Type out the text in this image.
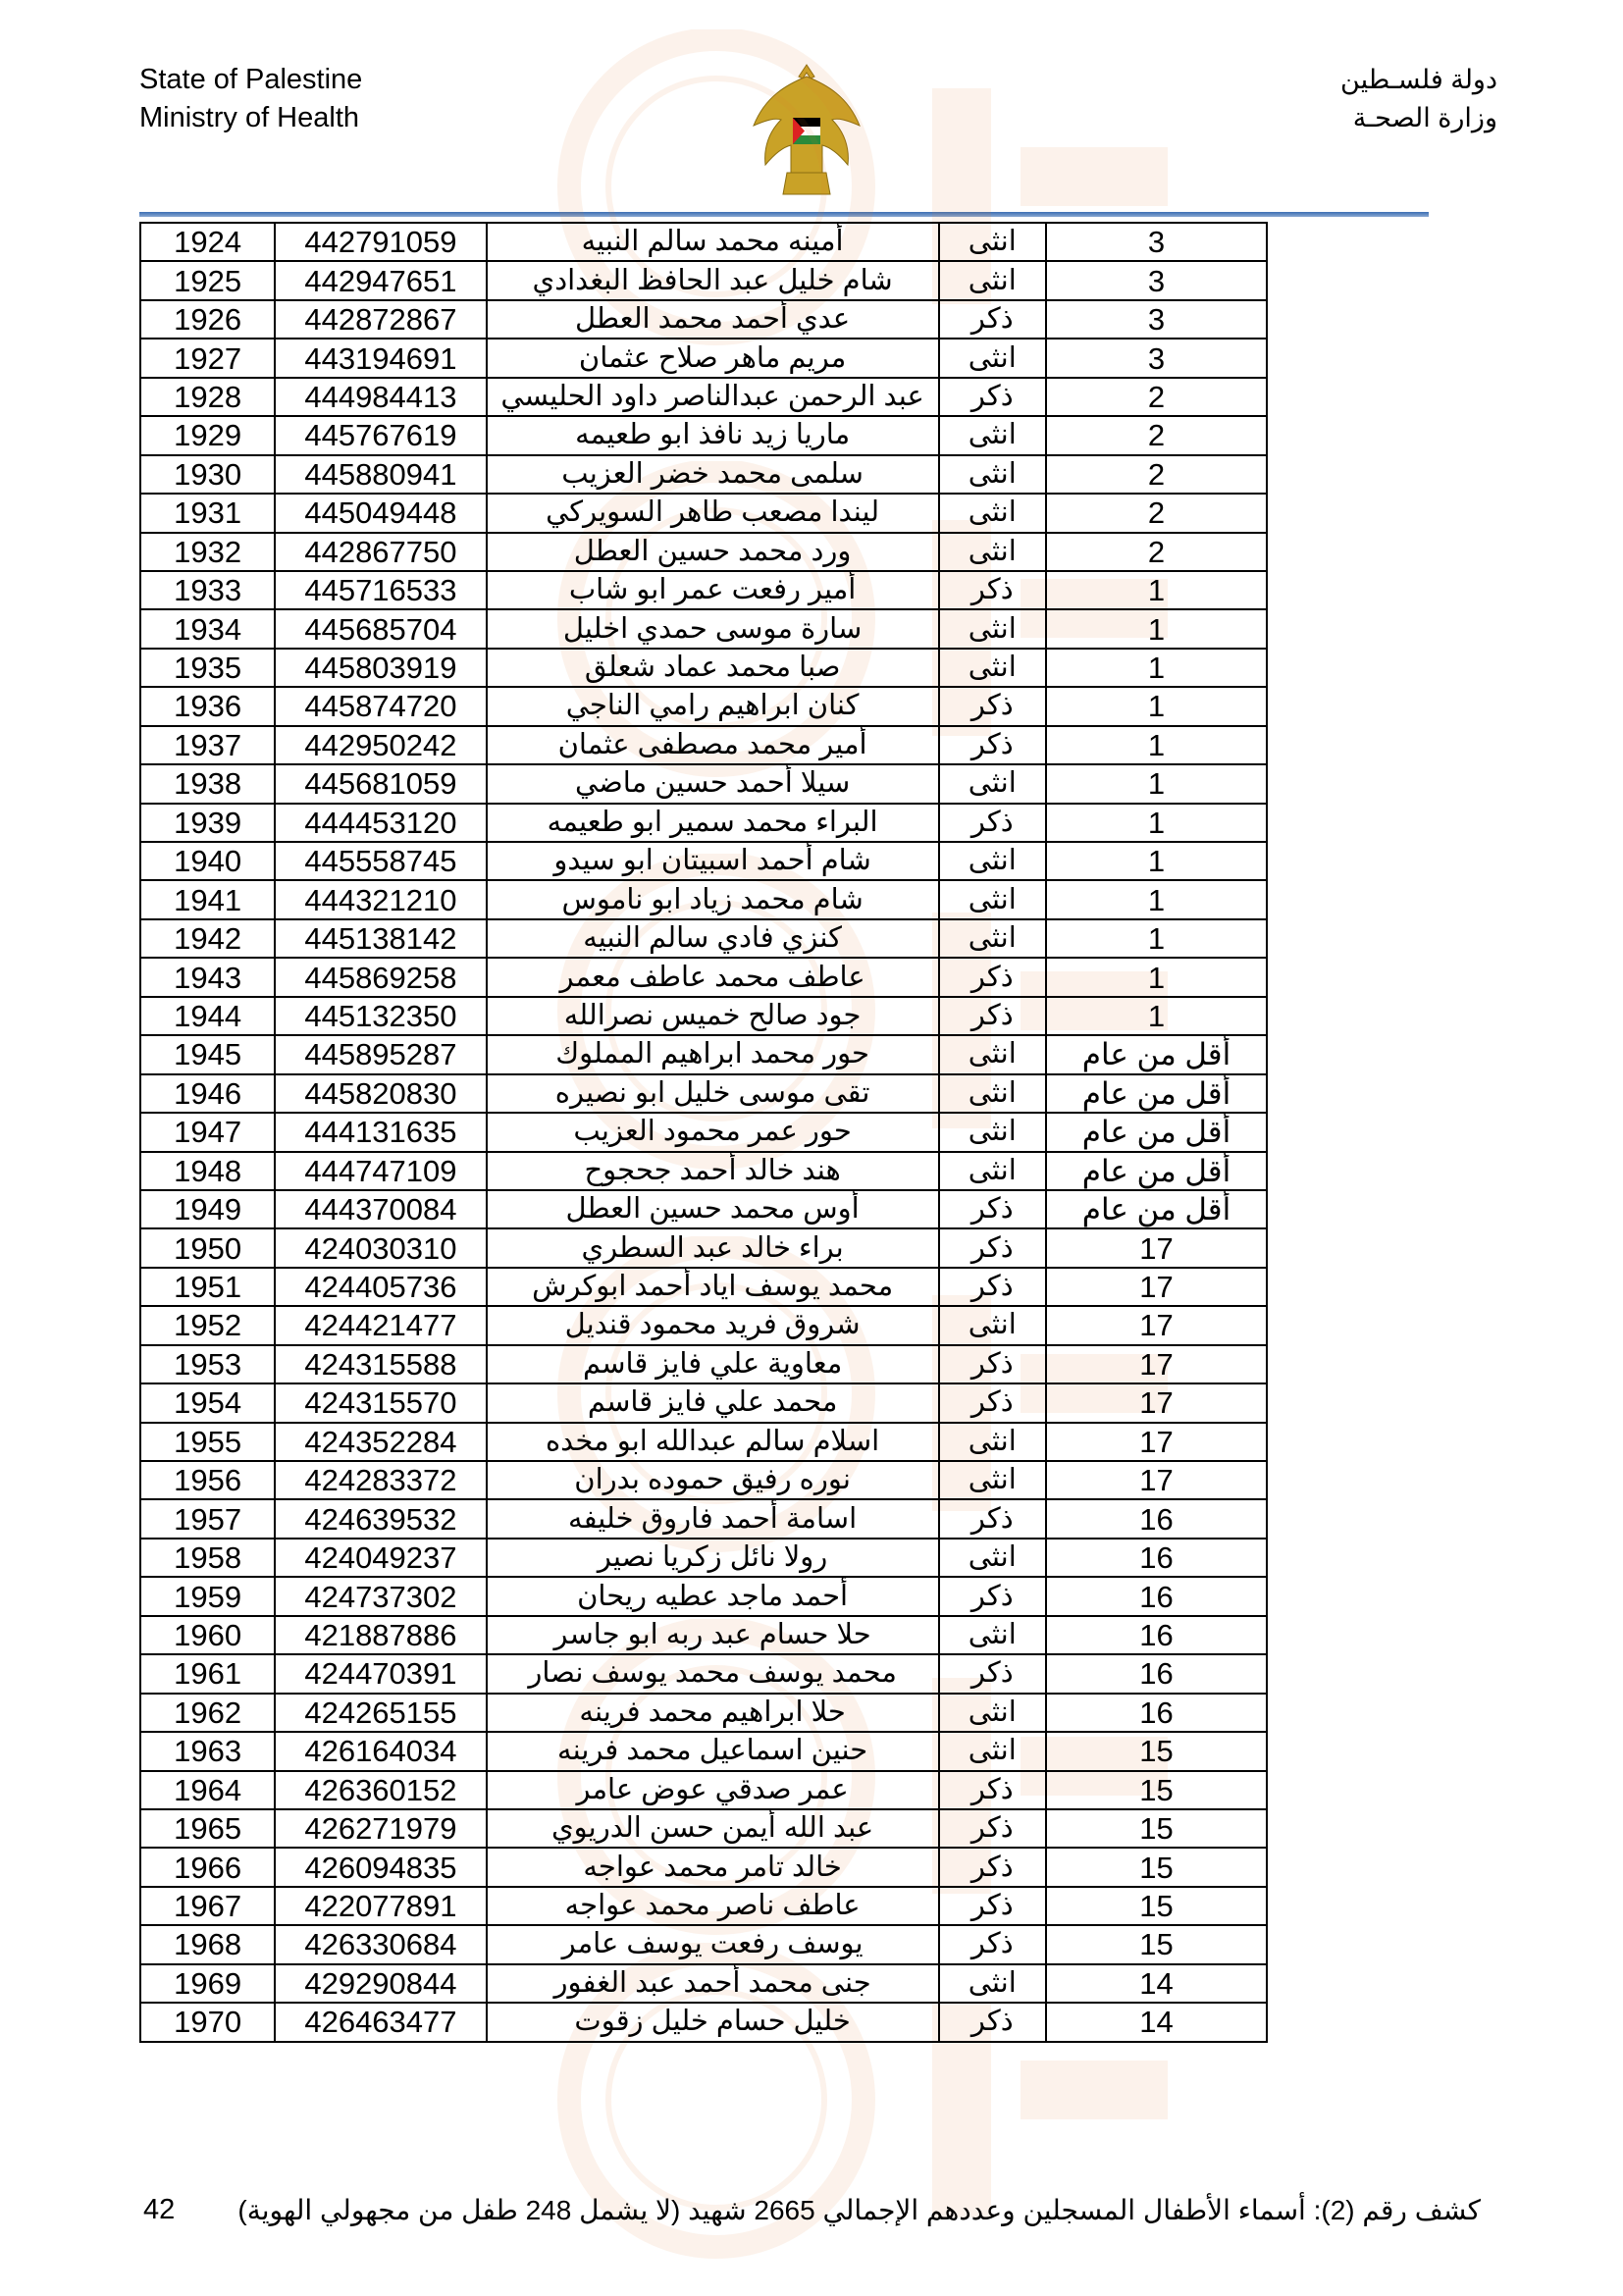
State of Palestine
Ministry of Health
دولة فلسـطين
وزارة الصحـة
1924	442791059	أمينه محمد سالم النبيه	انثى	3
1925	442947651	شام خليل عبد الحافظ البغدادي	انثى	3
1926	442872867	عدي أحمد محمد العطل	ذكر	3
1927	443194691	مريم ماهر صلاح عثمان	انثى	3
1928	444984413	عبد الرحمن عبدالناصر داود الحليسي	ذكر	2
1929	445767619	ماريا زيد نافذ ابو طعيمه	انثى	2
1930	445880941	سلمى محمد خضر العزيب	انثى	2
1931	445049448	ليندا مصعب طاهر السويركي	انثى	2
1932	442867750	ورد محمد حسين العطل	انثى	2
1933	445716533	أمير رفعت عمر ابو شاب	ذكر	1
1934	445685704	سارة موسى حمدي اخليل	انثى	1
1935	445803919	صبا محمد عماد شعلق	انثى	1
1936	445874720	كنان ابراهيم رامي الناجي	ذكر	1
1937	442950242	أمير محمد مصطفى عثمان	ذكر	1
1938	445681059	سيلا أحمد حسين ماضي	انثى	1
1939	444453120	البراء محمد سمير ابو طعيمه	ذكر	1
1940	445558745	شام أحمد اسبيتان ابو سيدو	انثى	1
1941	444321210	شام محمد زياد ابو ناموس	انثى	1
1942	445138142	كنزي فادي سالم النبيه	انثى	1
1943	445869258	عاطف محمد عاطف معمر	ذكر	1
1944	445132350	جود صالح خميس نصرالله	ذكر	1
1945	445895287	حور محمد ابراهيم المملوك	انثى	أقل من عام
1946	445820830	تقى موسى خليل ابو نصيره	انثى	أقل من عام
1947	444131635	حور عمر محمود العزيب	انثى	أقل من عام
1948	444747109	هند خالد أحمد جحجوح	انثى	أقل من عام
1949	444370084	أوس محمد حسين العطل	ذكر	أقل من عام
1950	424030310	براء خالد عبد السطري	ذكر	17
1951	424405736	محمد يوسف اياد أحمد ابوكرش	ذكر	17
1952	424421477	شروق فريد محمود قنديل	انثى	17
1953	424315588	معاوية علي فايز قاسم	ذكر	17
1954	424315570	محمد علي فايز قاسم	ذكر	17
1955	424352284	اسلام سالم عبدالله ابو مخده	انثى	17
1956	424283372	نوره رفيق حموده بدران	انثى	17
1957	424639532	اسامة أحمد فاروق خليفه	ذكر	16
1958	424049237	رولا نائل زكريا نصير	انثى	16
1959	424737302	أحمد ماجد عطيه ريحان	ذكر	16
1960	421887886	حلا حسام عبد ربه ابو جاسر	انثى	16
1961	424470391	محمد يوسف محمد يوسف نصار	ذكر	16
1962	424265155	حلا ابراهيم محمد فرينه	انثى	16
1963	426164034	حنين اسماعيل محمد فرينه	انثى	15
1964	426360152	عمر صدقي عوض عامر	ذكر	15
1965	426271979	عبد الله أيمن حسن الدريوي	ذكر	15
1966	426094835	خالد تامر محمد عواجه	ذكر	15
1967	422077891	عاطف ناصر محمد عواجه	ذكر	15
1968	426330684	يوسف رفعت يوسف عامر	ذكر	15
1969	429290844	جنى محمد أحمد عبد الغفور	انثى	14
1970	426463477	خليل حسام خليل زقوت	ذكر	14
42 كشف رقم (2): أسماء الأطفال المسجلين وعددهم الإجمالي 2665 شهيد (لا يشمل 248 طفل من مجهولي الهوية)
